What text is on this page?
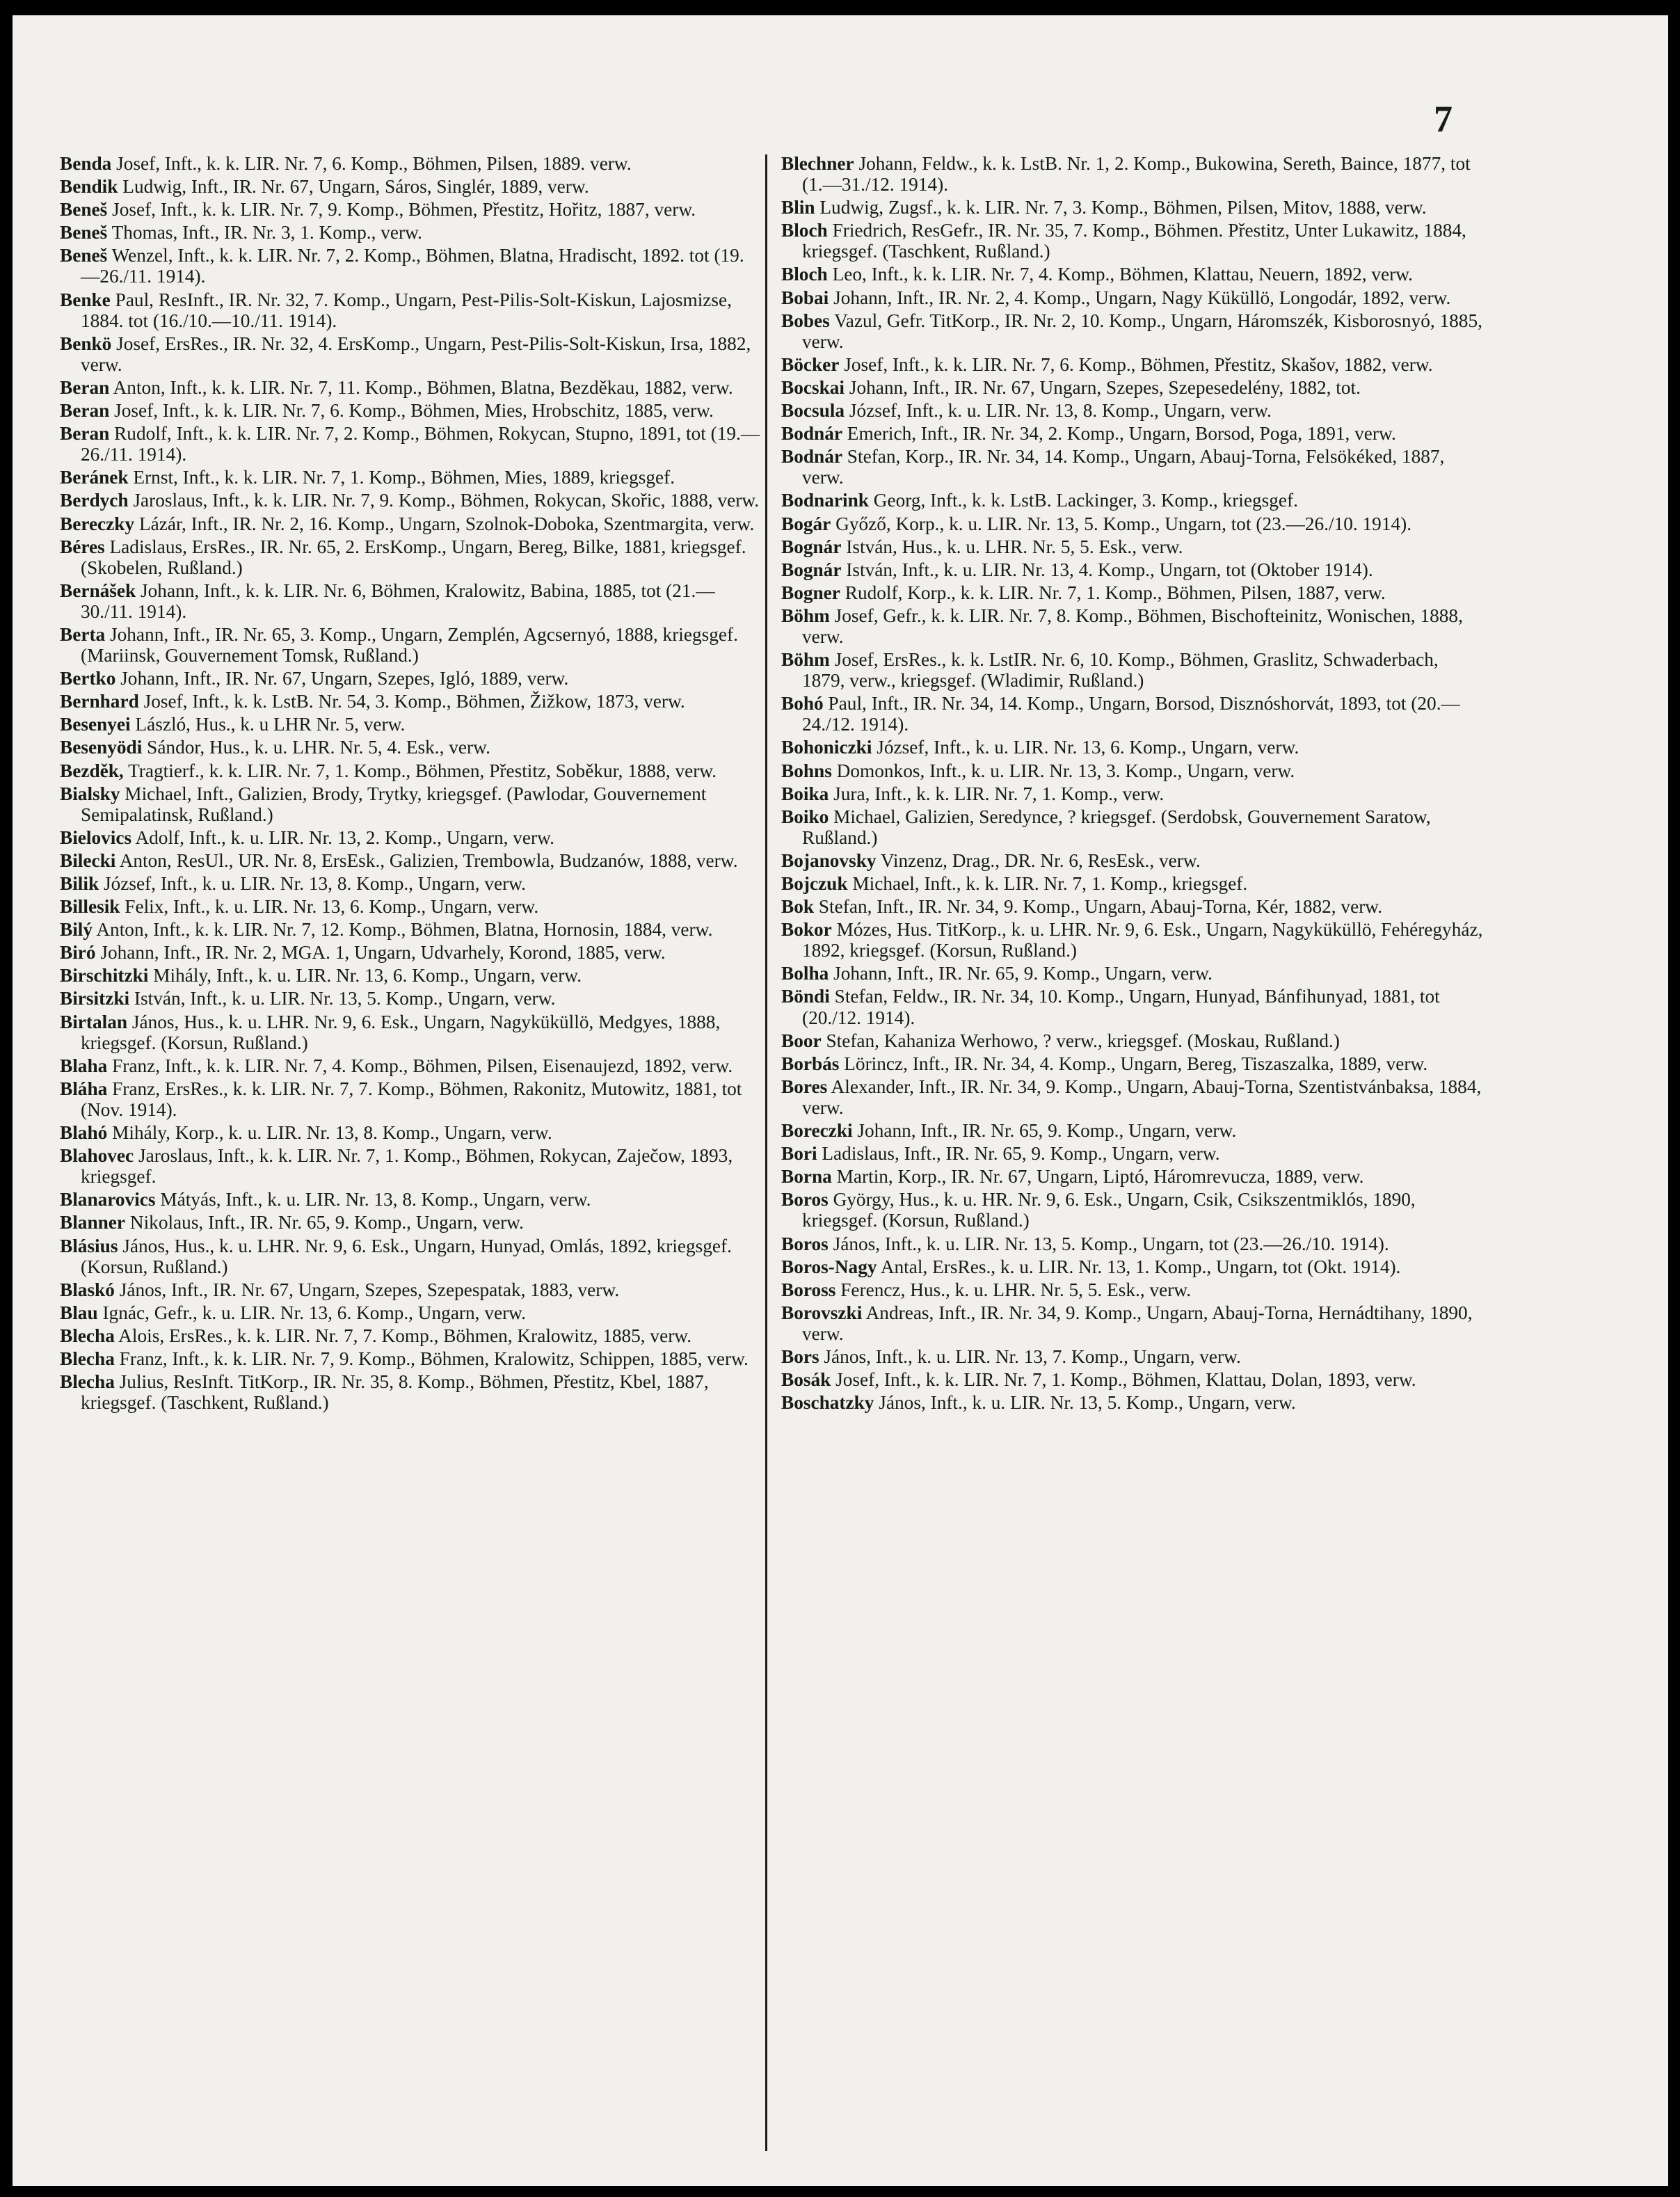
7
Benda Josef, Inft., k. k. LIR. Nr. 7, 6. Komp., Böhmen, Pilsen, 1889. verw.
Bendik Ludwig, Inft., IR. Nr. 67, Ungarn, Sáros, Singlér, 1889, verw.
Beneš Josef, Inft., k. k. LIR. Nr. 7, 9. Komp., Böhmen, Přestitz, Hořitz, 1887, verw.
Beneš Thomas, Inft., IR. Nr. 3, 1. Komp., verw.
Beneš Wenzel, Inft., k. k. LIR. Nr. 7, 2. Komp., Böhmen, Blatna, Hradischt, 1892. tot (19.—26./11. 1914).
Benke Paul, ResInft., IR. Nr. 32, 7. Komp., Ungarn, Pest-Pilis-Solt-Kiskun, Lajosmizse, 1884. tot (16./10.—10./11. 1914).
Benkö Josef, ErsRes., IR. Nr. 32, 4. ErsKomp., Ungarn, Pest-Pilis-Solt-Kiskun, Irsa, 1882, verw.
Beran Anton, Inft., k. k. LIR. Nr. 7, 11. Komp., Böhmen, Blatna, Bezděkau, 1882, verw.
Beran Josef, Inft., k. k. LIR. Nr. 7, 6. Komp., Böhmen, Mies, Hrobschitz, 1885, verw.
Beran Rudolf, Inft., k. k. LIR. Nr. 7, 2. Komp., Böhmen, Rokycan, Stupno, 1891, tot (19.—26./11. 1914).
Beránek Ernst, Inft., k. k. LIR. Nr. 7, 1. Komp., Böhmen, Mies, 1889, kriegsgef.
Berdych Jaroslaus, Inft., k. k. LIR. Nr. 7, 9. Komp., Böhmen, Rokycan, Skořic, 1888, verw.
Bereczky Lázár, Inft., IR. Nr. 2, 16. Komp., Ungarn, Szolnok-Doboka, Szentmargita, verw.
Béres Ladislaus, ErsRes., IR. Nr. 65, 2. ErsKomp., Ungarn, Bereg, Bilke, 1881, kriegsgef. (Skobelen, Rußland.)
Bernášek Johann, Inft., k. k. LIR. Nr. 6, Böhmen, Kralowitz, Babina, 1885, tot (21.—30./11. 1914).
Berta Johann, Inft., IR. Nr. 65, 3. Komp., Ungarn, Zemplén, Agcsernyó, 1888, kriegsgef. (Mariinsk, Gouvernement Tomsk, Rußland.)
Bertko Johann, Inft., IR. Nr. 67, Ungarn, Szepes, Igló, 1889, verw.
Bernhard Josef, Inft., k. k. LstB. Nr. 54, 3. Komp., Böhmen, Žižkow, 1873, verw.
Besenyei László, Hus., k. u LHR Nr. 5, verw.
Besenyödi Sándor, Hus., k. u. LHR. Nr. 5, 4. Esk., verw.
Bezděk, Tragtierf., k. k. LIR. Nr. 7, 1. Komp., Böhmen, Přestitz, Soběkur, 1888, verw.
Bialsky Michael, Inft., Galizien, Brody, Trytky, kriegsgef. (Pawlodar, Gouvernement Semipalatinsk, Rußland.)
Bielovics Adolf, Inft., k. u. LIR. Nr. 13, 2. Komp., Ungarn, verw.
Bilecki Anton, ResUl., UR. Nr. 8, ErsEsk., Galizien, Trembowla, Budzanów, 1888, verw.
Bilik József, Inft., k. u. LIR. Nr. 13, 8. Komp., Ungarn, verw.
Billesik Felix, Inft., k. u. LIR. Nr. 13, 6. Komp., Ungarn, verw.
Bilý Anton, Inft., k. k. LIR. Nr. 7, 12. Komp., Böhmen, Blatna, Hornosin, 1884, verw.
Biró Johann, Inft., IR. Nr. 2, MGA. 1, Ungarn, Udvarhely, Korond, 1885, verw.
Birschitzki Mihály, Inft., k. u. LIR. Nr. 13, 6. Komp., Ungarn, verw.
Birsitzki István, Inft., k. u. LIR. Nr. 13, 5. Komp., Ungarn, verw.
Birtalan János, Hus., k. u. LHR. Nr. 9, 6. Esk., Ungarn, Nagyküküllö, Medgyes, 1888, kriegsgef. (Korsun, Rußland.)
Blaha Franz, Inft., k. k. LIR. Nr. 7, 4. Komp., Böhmen, Pilsen, Eisenaujezd, 1892, verw.
Bláha Franz, ErsRes., k. k. LIR. Nr. 7, 7. Komp., Böhmen, Rakonitz, Mutowitz, 1881, tot (Nov. 1914).
Blahó Mihály, Korp., k. u. LIR. Nr. 13, 8. Komp., Ungarn, verw.
Blahovec Jaroslaus, Inft., k. k. LIR. Nr. 7, 1. Komp., Böhmen, Rokycan, Zaječow, 1893, kriegsgef.
Blanarovics Mátyás, Inft., k. u. LIR. Nr. 13, 8. Komp., Ungarn, verw.
Blanner Nikolaus, Inft., IR. Nr. 65, 9. Komp., Ungarn, verw.
Blásius János, Hus., k. u. LHR. Nr. 9, 6. Esk., Ungarn, Hunyad, Omlás, 1892, kriegsgef. (Korsun, Rußland.)
Blaskó János, Inft., IR. Nr. 67, Ungarn, Szepes, Szepespatak, 1883, verw.
Blau Ignác, Gefr., k. u. LIR. Nr. 13, 6. Komp., Ungarn, verw.
Blecha Alois, ErsRes., k. k. LIR. Nr. 7, 7. Komp., Böhmen, Kralowitz, 1885, verw.
Blecha Franz, Inft., k. k. LIR. Nr. 7, 9. Komp., Böhmen, Kralowitz, Schippen, 1885, verw.
Blecha Julius, ResInft. TitKorp., IR. Nr. 35, 8. Komp., Böhmen, Přestitz, Kbel, 1887, kriegsgef. (Taschkent, Rußland.)
Blechner Johann, Feldw., k. k. LstB. Nr. 1, 2. Komp., Bukowina, Sereth, Baince, 1877, tot (1.—31./12. 1914).
Blin Ludwig, Zugsf., k. k. LIR. Nr. 7, 3. Komp., Böhmen, Pilsen, Mitov, 1888, verw.
Bloch Friedrich, ResGefr., IR. Nr. 35, 7. Komp., Böhmen. Přestitz, Unter Lukawitz, 1884, kriegsgef. (Taschkent, Rußland.)
Bloch Leo, Inft., k. k. LIR. Nr. 7, 4. Komp., Böhmen, Klattau, Neuern, 1892, verw.
Bobai Johann, Inft., IR. Nr. 2, 4. Komp., Ungarn, Nagy Küküllö, Longodár, 1892, verw.
Bobes Vazul, Gefr. TitKorp., IR. Nr. 2, 10. Komp., Ungarn, Háromszék, Kisborosnyó, 1885, verw.
Böcker Josef, Inft., k. k. LIR. Nr. 7, 6. Komp., Böhmen, Přestitz, Skašov, 1882, verw.
Bocskai Johann, Inft., IR. Nr. 67, Ungarn, Szepes, Szepesedelény, 1882, tot.
Bocsula József, Inft., k. u. LIR. Nr. 13, 8. Komp., Ungarn, verw.
Bodnár Emerich, Inft., IR. Nr. 34, 2. Komp., Ungarn, Borsod, Poga, 1891, verw.
Bodnár Stefan, Korp., IR. Nr. 34, 14. Komp., Ungarn, Abauj-Torna, Felsökéked, 1887, verw.
Bodnarink Georg, Inft., k. k. LstB. Lackinger, 3. Komp., kriegsgef.
Bogár Győző, Korp., k. u. LIR. Nr. 13, 5. Komp., Ungarn, tot (23.—26./10. 1914).
Bognár István, Hus., k. u. LHR. Nr. 5, 5. Esk., verw.
Bognár István, Inft., k. u. LIR. Nr. 13, 4. Komp., Ungarn, tot (Oktober 1914).
Bogner Rudolf, Korp., k. k. LIR. Nr. 7, 1. Komp., Böhmen, Pilsen, 1887, verw.
Böhm Josef, Gefr., k. k. LIR. Nr. 7, 8. Komp., Böhmen, Bischofteinitz, Wonischen, 1888, verw.
Böhm Josef, ErsRes., k. k. LstIR. Nr. 6, 10. Komp., Böhmen, Graslitz, Schwaderbach, 1879, verw., kriegsgef. (Wladimir, Rußland.)
Bohó Paul, Inft., IR. Nr. 34, 14. Komp., Ungarn, Borsod, Disznóshorvát, 1893, tot (20.—24./12. 1914).
Bohoniczki József, Inft., k. u. LIR. Nr. 13, 6. Komp., Ungarn, verw.
Bohns Domonkos, Inft., k. u. LIR. Nr. 13, 3. Komp., Ungarn, verw.
Boika Jura, Inft., k. k. LIR. Nr. 7, 1. Komp., verw.
Boiko Michael, Galizien, Seredynce, ? kriegsgef. (Serdobsk, Gouvernement Saratow, Rußland.)
Bojanovsky Vinzenz, Drag., DR. Nr. 6, ResEsk., verw.
Bojczuk Michael, Inft., k. k. LIR. Nr. 7, 1. Komp., kriegsgef.
Bok Stefan, Inft., IR. Nr. 34, 9. Komp., Ungarn, Abauj-Torna, Kér, 1882, verw.
Bokor Mózes, Hus. TitKorp., k. u. LHR. Nr. 9, 6. Esk., Ungarn, Nagyküküllö, Fehéregyház, 1892, kriegsgef. (Korsun, Rußland.)
Bolha Johann, Inft., IR. Nr. 65, 9. Komp., Ungarn, verw.
Böndi Stefan, Feldw., IR. Nr. 34, 10. Komp., Ungarn, Hunyad, Bánfihunyad, 1881, tot (20./12. 1914).
Boor Stefan, Kahaniza Werhowo, ? verw., kriegsgef. (Moskau, Rußland.)
Borbás Lörincz, Inft., IR. Nr. 34, 4. Komp., Ungarn, Bereg, Tiszaszalka, 1889, verw.
Bores Alexander, Inft., IR. Nr. 34, 9. Komp., Ungarn, Abauj-Torna, Szentistvánbaksa, 1884, verw.
Boreczki Johann, Inft., IR. Nr. 65, 9. Komp., Ungarn, verw.
Bori Ladislaus, Inft., IR. Nr. 65, 9. Komp., Ungarn, verw.
Borna Martin, Korp., IR. Nr. 67, Ungarn, Liptó, Háromrevucza, 1889, verw.
Boros György, Hus., k. u. HR. Nr. 9, 6. Esk., Ungarn, Csik, Csikszentmiklós, 1890, kriegsgef. (Korsun, Rußland.)
Boros János, Inft., k. u. LIR. Nr. 13, 5. Komp., Ungarn, tot (23.—26./10. 1914).
Boros-Nagy Antal, ErsRes., k. u. LIR. Nr. 13, 1. Komp., Ungarn, tot (Okt. 1914).
Boross Ferencz, Hus., k. u. LHR. Nr. 5, 5. Esk., verw.
Borovszki Andreas, Inft., IR. Nr. 34, 9. Komp., Ungarn, Abauj-Torna, Hernádtihany, 1890, verw.
Bors János, Inft., k. u. LIR. Nr. 13, 7. Komp., Ungarn, verw.
Bosák Josef, Inft., k. k. LIR. Nr. 7, 1. Komp., Böhmen, Klattau, Dolan, 1893, verw.
Boschatzky János, Inft., k. u. LIR. Nr. 13, 5. Komp., Ungarn, verw.
